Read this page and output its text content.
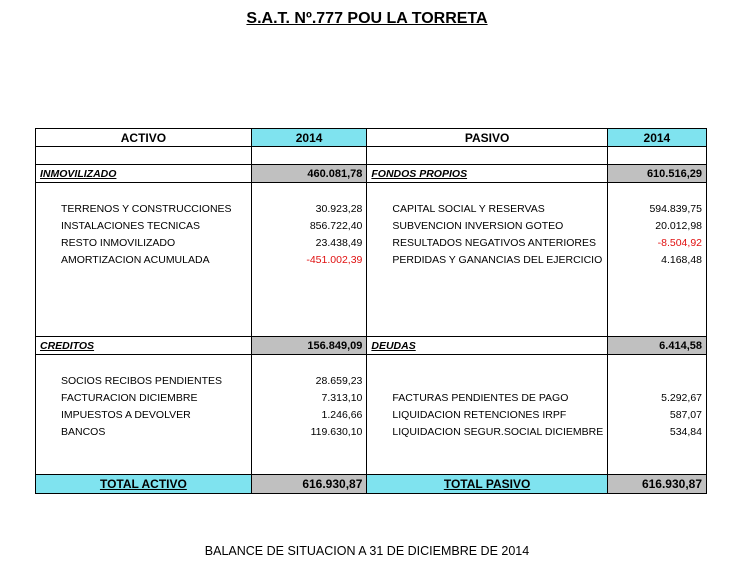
S.A.T. Nº.777 POU LA TORRETA
ACTIVO	2014	PASIVO	2014

INMOVILIZADO	460.081,78	FONDOS PROPIOS	610.516,29

TERRENOS Y CONSTRUCCIONES	30.923,28	CAPITAL SOCIAL Y RESERVAS	594.839,75
INSTALACIONES TECNICAS	856.722,40	SUBVENCION INVERSION GOTEO	20.012,98
RESTO INMOVILIZADO	23.438,49	RESULTADOS NEGATIVOS ANTERIORES	-8.504,92
AMORTIZACION ACUMULADA	-451.002,39	PERDIDAS Y GANANCIAS DEL EJERCICIO	4.168,48

CREDITOS	156.849,09	DEUDAS	6.414,58

SOCIOS RECIBOS PENDIENTES	28.659,23		
FACTURACION DICIEMBRE	7.313,10	FACTURAS PENDIENTES DE PAGO	5.292,67
IMPUESTOS A DEVOLVER	1.246,66	LIQUIDACION RETENCIONES IRPF	587,07
BANCOS	119.630,10	LIQUIDACION SEGUR.SOCIAL DICIEMBRE	534,84

TOTAL ACTIVO	616.930,87	TOTAL PASIVO	616.930,87
BALANCE DE SITUACION A 31 DE DICIEMBRE DE 2014
